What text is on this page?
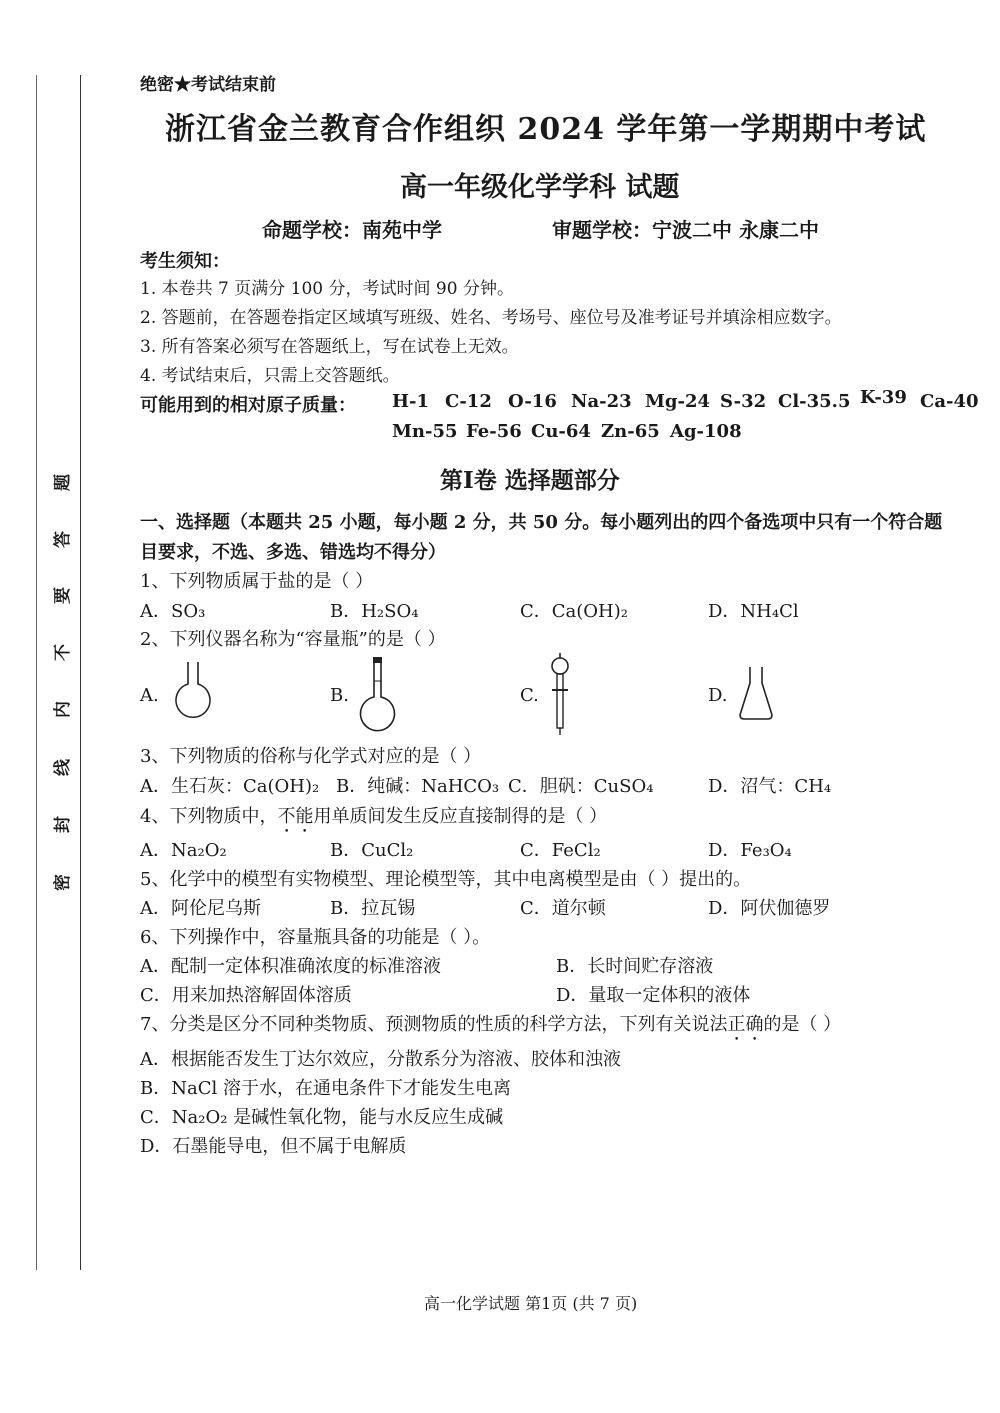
密
封
线
内
不
要
答
题
绝密★考试结束前
浙江省金兰教育合作组织 2024 学年第一学期期中考试
高一年级化学学科 试题
命题学校：南苑中学	审题学校：宁波二中 永康二中
考生须知：
1. 本卷共 7 页满分 100 分，考试时间 90 分钟。
2. 答题前，在答题卷指定区域填写班级、姓名、考场号、座位号及准考证号并填涂相应数字。
3. 所有答案必须写在答题纸上，写在试卷上无效。
4. 考试结束后，只需上交答题纸。
可能用到的相对原子质量： H-1 C-12 O-16 Na-23 Mg-24 S-32 Cl-35.5 K-39 Ca-40
Mn-55 Fe-56 Cu-64 Zn-65 Ag-108
第Ⅰ卷 选择题部分
一、选择题（本题共 25 小题，每小题 2 分，共 50 分。每小题列出的四个备选项中只有一个符合题
目要求，不选、多选、错选均不得分）
1、下列物质属于盐的是（ ）
A．SO₃	B．H₂SO₄	C．Ca(OH)₂	D．NH₄Cl
2、下列仪器名称为“容量瓶”的是（ ）
A.	B.	C.	D.
3、下列物质的俗称与化学式对应的是（ ）
A．生石灰：Ca(OH)₂ B．纯碱：NaHCO₃ C．胆矾：CuSO₄	D．沼气：CH₄
4、下列物质中，不能用单质间发生反应直接制得的是（ ）
A．Na₂O₂	B．CuCl₂	C．FeCl₂	D．Fe₃O₄
5、化学中的模型有实物模型、理论模型等，其中电离模型是由（ ）提出的。
A．阿伦尼乌斯	B．拉瓦锡	C．道尔顿	D．阿伏伽德罗
6、下列操作中，容量瓶具备的功能是（ ）。
A．配制一定体积准确浓度的标准溶液	B．长时间贮存溶液
C．用来加热溶解固体溶质	D．量取一定体积的液体
7、分类是区分不同种类物质、预测物质的性质的科学方法，下列有关说法正确的是（ ）
A．根据能否发生丁达尔效应，分散系分为溶液、胶体和浊液
B．NaCl 溶于水，在通电条件下才能发生电离
C．Na₂O₂ 是碱性氧化物，能与水反应生成碱
D．石墨能导电，但不属于电解质
高一化学试题 第1页 (共 7 页)
